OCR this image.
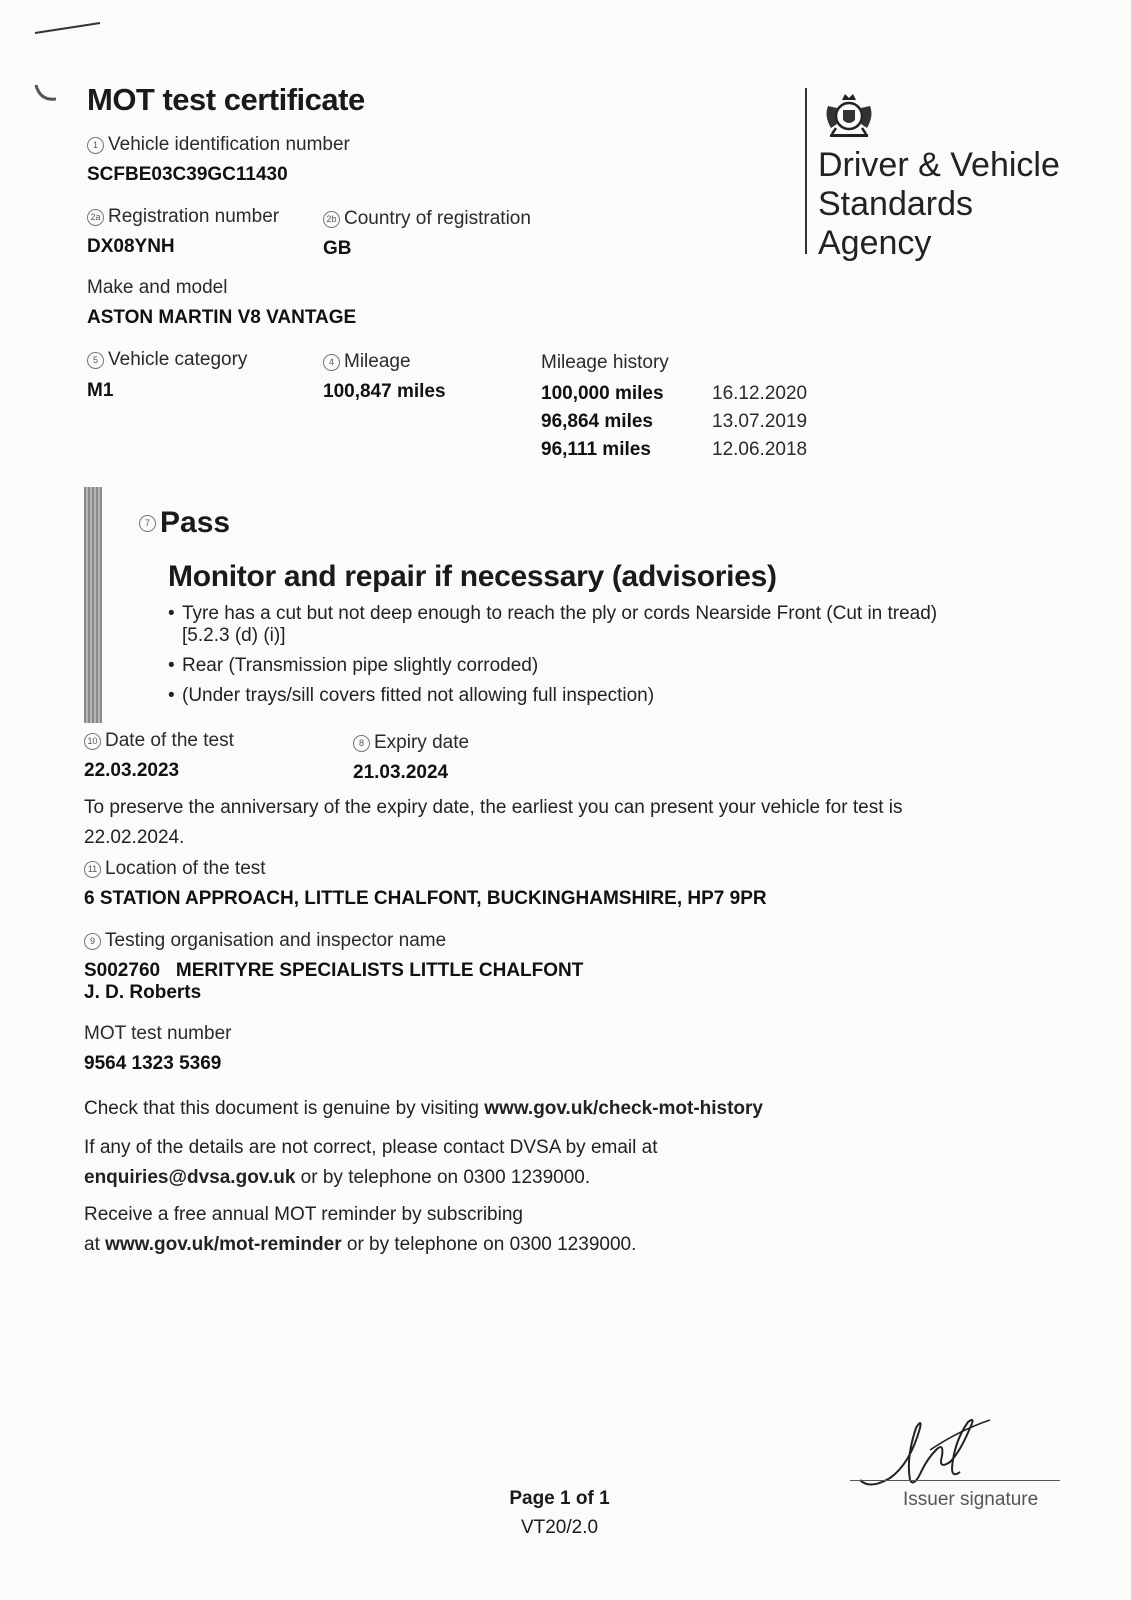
MOT test certificate
1 Vehicle identification number
SCFBE03C39GC11430
2a Registration number
DX08YNH
2b Country of registration
GB
Make and model
ASTON MARTIN V8 VANTAGE
5 Vehicle category
M1
4 Mileage
100,847 miles
Mileage history
100,000 miles	16.12.2020
96,864 miles	13.07.2019
96,111 miles	12.06.2018
Driver & Vehicle
Standards
Agency
7 Pass
Monitor and repair if necessary (advisories)
• Tyre has a cut but not deep enough to reach the ply or cords Nearside Front (Cut in tread)
[5.2.3 (d) (i)]
• Rear (Transmission pipe slightly corroded)
• (Under trays/sill covers fitted not allowing full inspection)
10 Date of the test
22.03.2023
8 Expiry date
21.03.2024
To preserve the anniversary of the expiry date, the earliest you can present your vehicle for test is
22.02.2024.
11 Location of the test
6 STATION APPROACH, LITTLE CHALFONT, BUCKINGHAMSHIRE, HP7 9PR
9 Testing organisation and inspector name
S002760 MERITYRE SPECIALISTS LITTLE CHALFONT
J. D. Roberts
MOT test number
9564 1323 5369
Check that this document is genuine by visiting www.gov.uk/check-mot-history
If any of the details are not correct, please contact DVSA by email at
enquiries@dvsa.gov.uk or by telephone on 0300 1239000.
Receive a free annual MOT reminder by subscribing
at www.gov.uk/mot-reminder or by telephone on 0300 1239000.
Issuer signature
Page 1 of 1
VT20/2.0
